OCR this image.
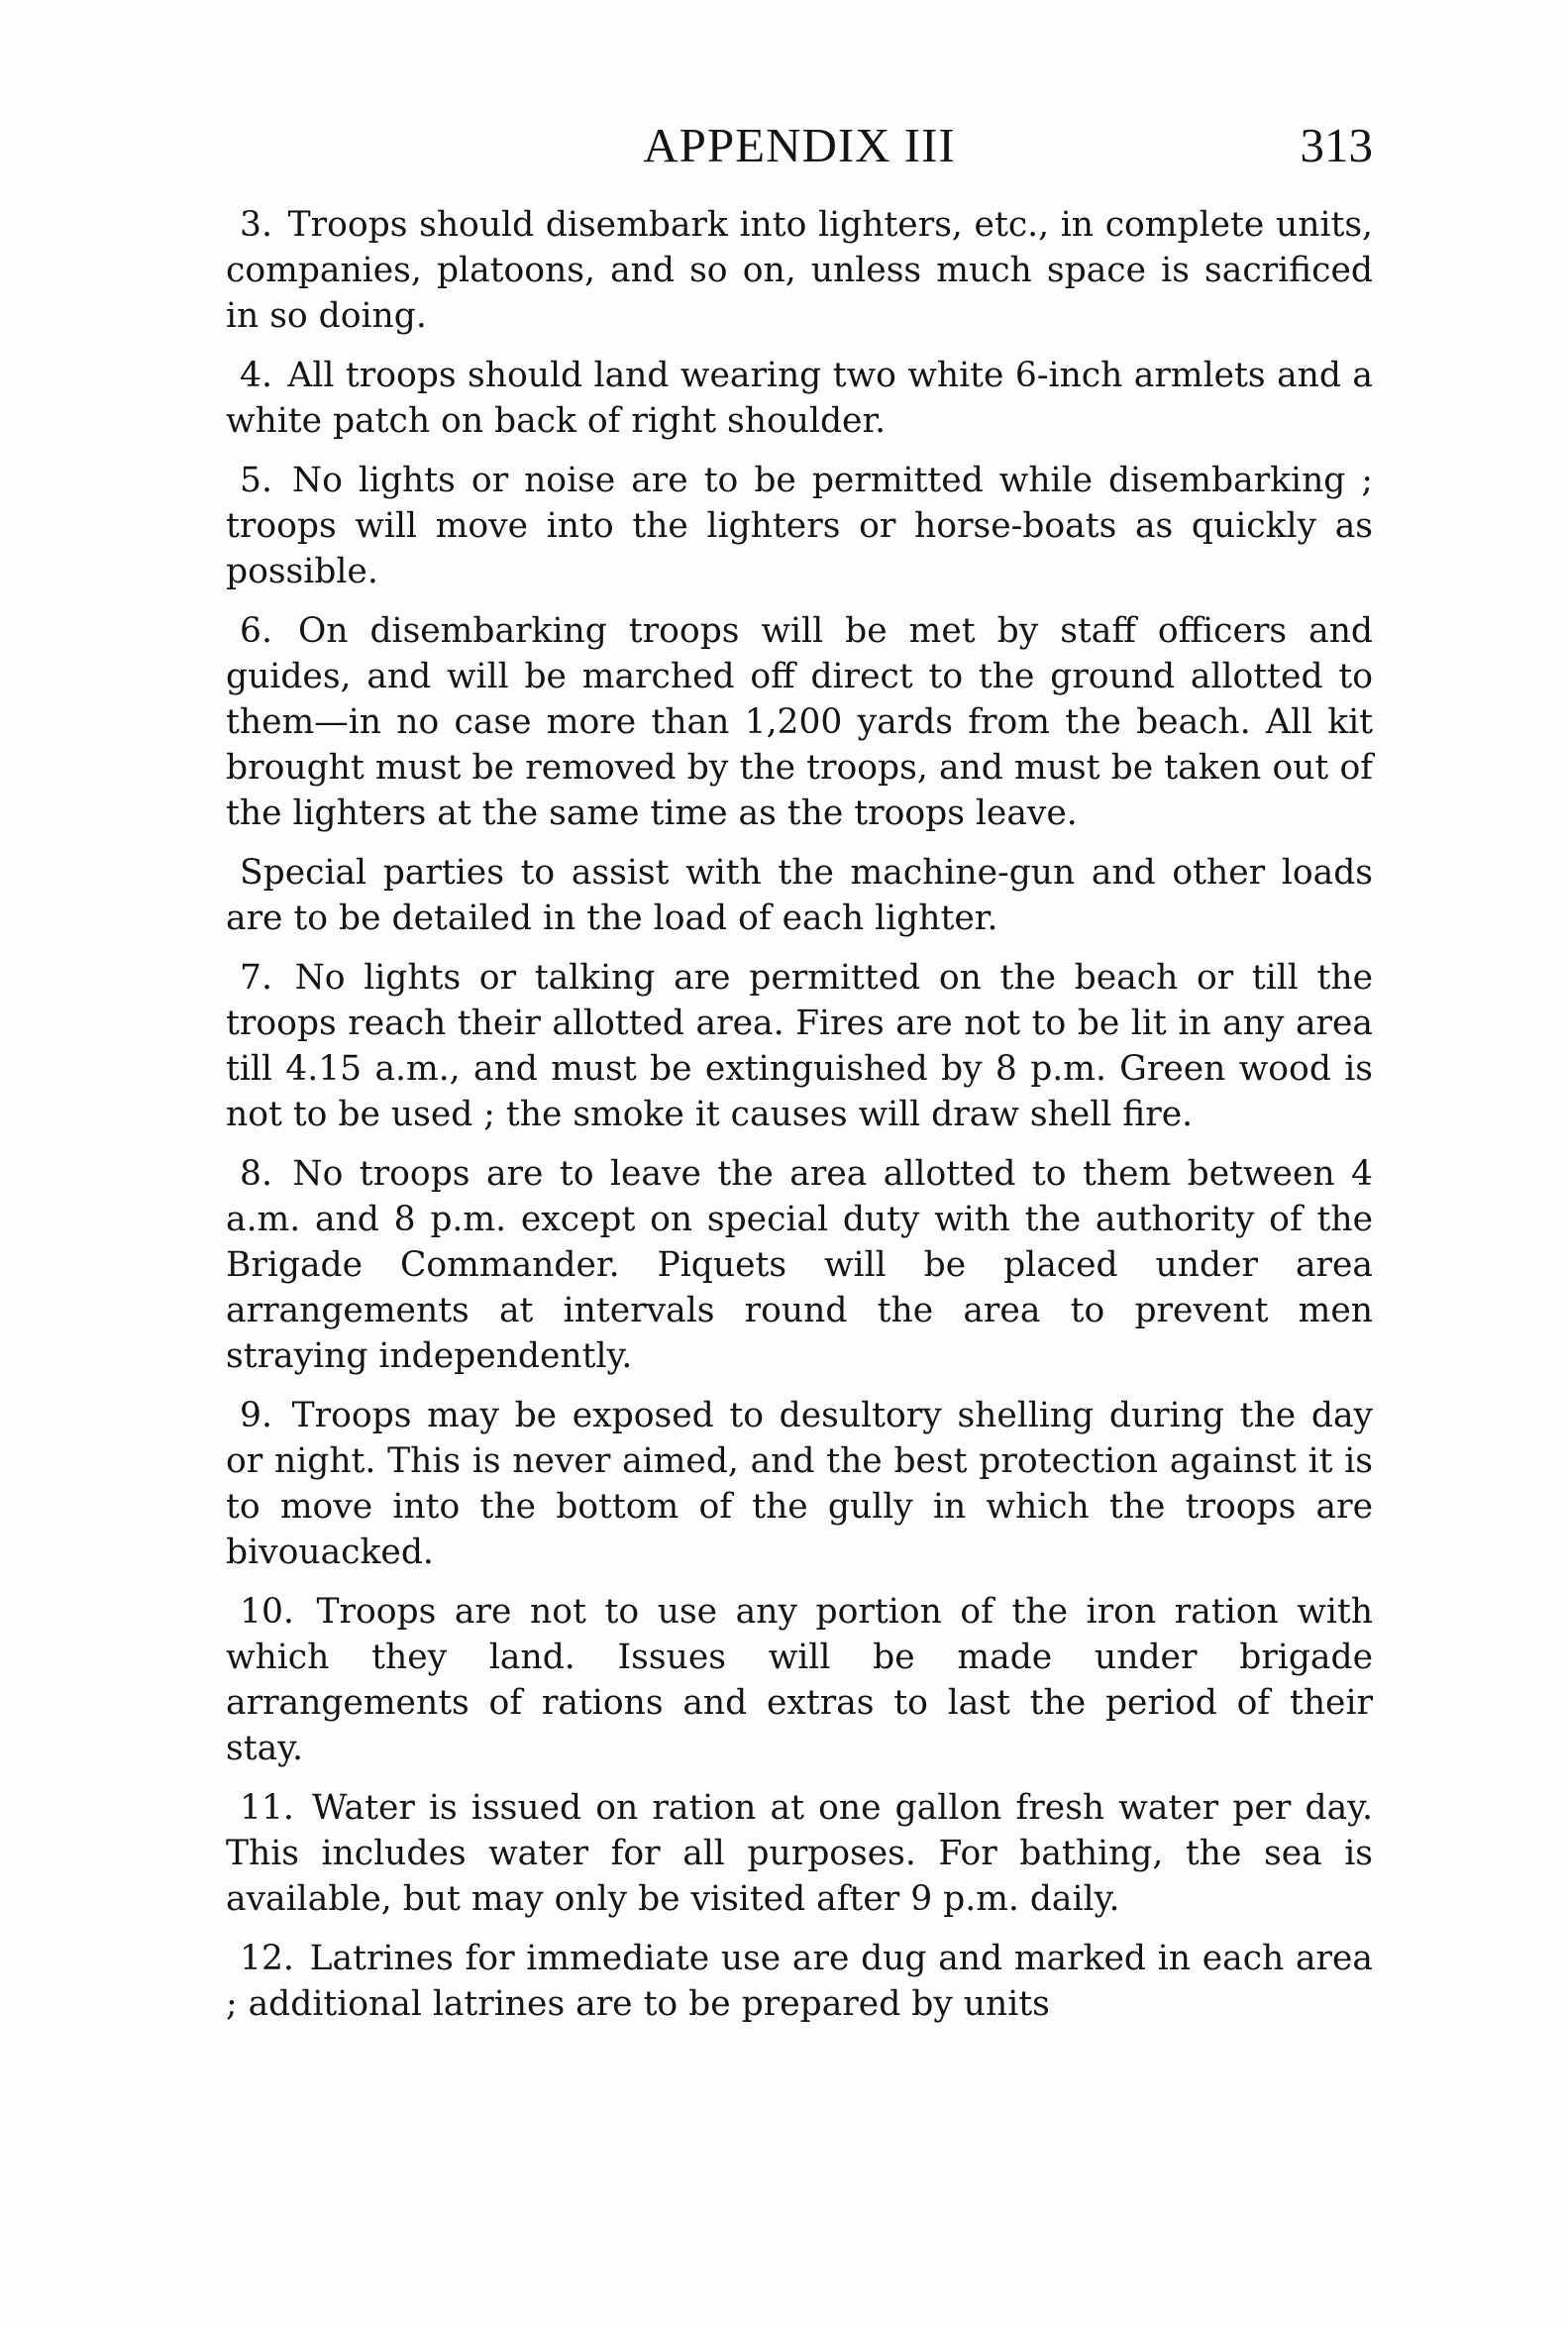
APPENDIX III	313

3. Troops should disembark into lighters, etc., in complete units, companies, platoons, and so on, unless much space is sacrificed in so doing.

4. All troops should land wearing two white 6-inch armlets and a white patch on back of right shoulder.

5. No lights or noise are to be permitted while disembarking ; troops will move into the lighters or horse-boats as quickly as possible.

6. On disembarking troops will be met by staff officers and guides, and will be marched off direct to the ground allotted to them—in no case more than 1,200 yards from the beach. All kit brought must be removed by the troops, and must be taken out of the lighters at the same time as the troops leave.

Special parties to assist with the machine-gun and other loads are to be detailed in the load of each lighter.

7. No lights or talking are permitted on the beach or till the troops reach their allotted area. Fires are not to be lit in any area till 4.15 a.m., and must be extinguished by 8 p.m. Green wood is not to be used ; the smoke it causes will draw shell fire.

8. No troops are to leave the area allotted to them between 4 a.m. and 8 p.m. except on special duty with the authority of the Brigade Commander. Piquets will be placed under area arrangements at intervals round the area to prevent men straying independently.

9. Troops may be exposed to desultory shelling during the day or night. This is never aimed, and the best protection against it is to move into the bottom of the gully in which the troops are bivouacked.

10. Troops are not to use any portion of the iron ration with which they land. Issues will be made under brigade arrangements of rations and extras to last the period of their stay.

11. Water is issued on ration at one gallon fresh water per day. This includes water for all purposes. For bathing, the sea is available, but may only be visited after 9 p.m. daily.

12. Latrines for immediate use are dug and marked in each area ; additional latrines are to be prepared by units
